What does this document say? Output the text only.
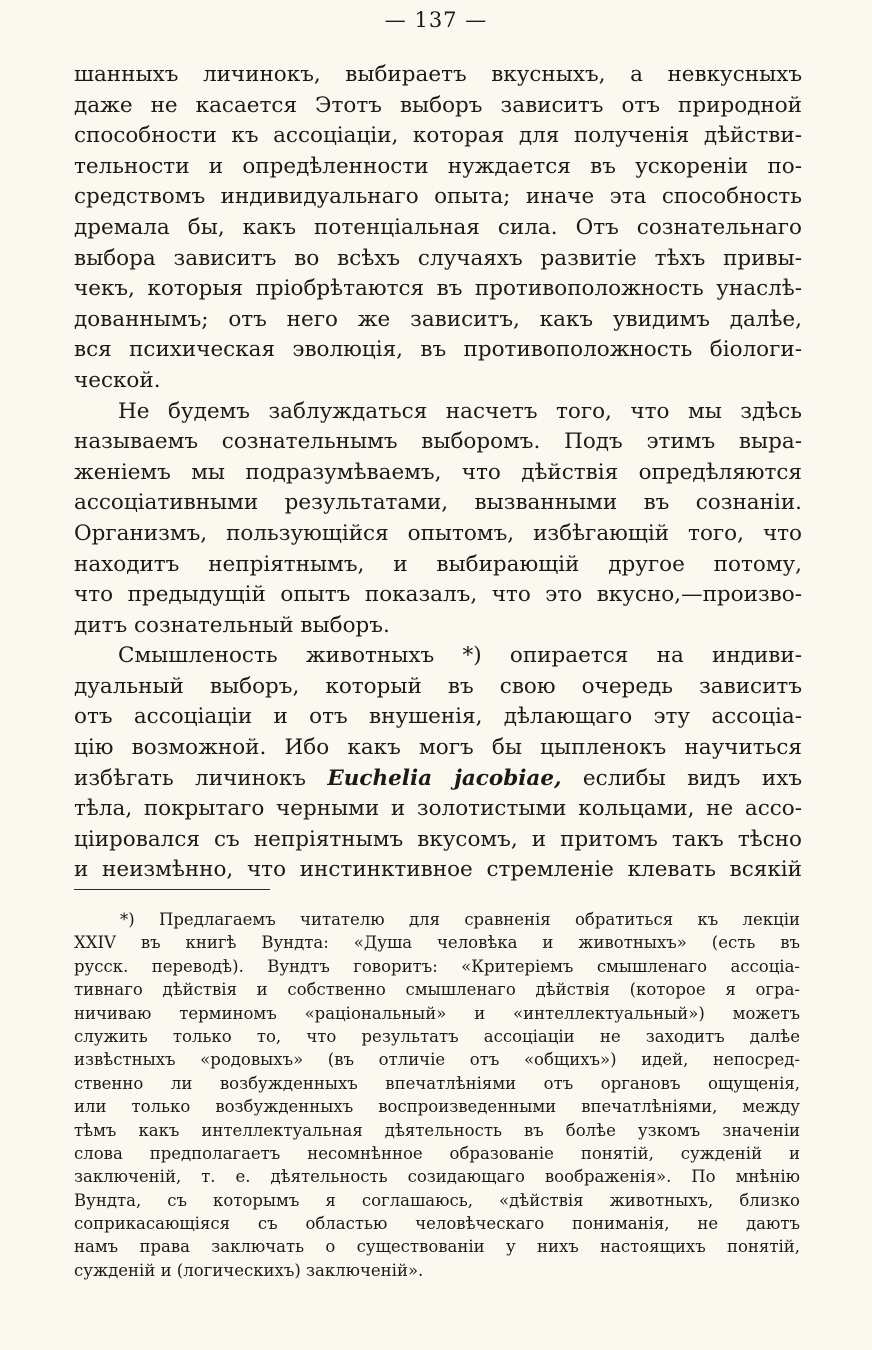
— 137 —
шанныхъ личинокъ, выбираетъ вкусныхъ, а невкусныхъ
даже не касается Этотъ выборъ зависитъ отъ природной
способности къ ассоціаціи, которая для полученія дѣйстви-
тельности и опредѣленности нуждается въ ускореніи по-
средствомъ индивидуальнаго опыта; иначе эта способность
дремала бы, какъ потенціальная сила. Отъ сознательнаго
выбора зависитъ во всѣхъ случаяхъ развитіе тѣхъ привы-
чекъ, которыя пріобрѣтаются въ противоположность унаслѣ-
дованнымъ; отъ него же зависитъ, какъ увидимъ далѣе,
вся психическая эволюція, въ противоположность біологи-
ческой.
Не будемъ заблуждаться насчетъ того, что мы здѣсь
называемъ сознательнымъ выборомъ. Подъ этимъ выра-
женіемъ мы подразумѣваемъ, что дѣйствія опредѣляются
ассоціативными результатами, вызванными въ сознаніи.
Организмъ, пользующійся опытомъ, избѣгающій того, что
находитъ непріятнымъ, и выбирающій другое потому,
что предыдущій опытъ показалъ, что это вкусно,—произво-
дитъ сознательный выборъ.
Смышленость животныхъ *) опирается на индиви-
дуальный выборъ, который въ свою очередь зависитъ
отъ ассоціаціи и отъ внушенія, дѣлающаго эту ассоціа-
цію возможной. Ибо какъ могъ бы цыпленокъ научиться
избѣгать личинокъ Euchelia jacobiae, еслибы видъ ихъ
тѣла, покрытаго черными и золотистыми кольцами, не ассо-
ціировался съ непріятнымъ вкусомъ, и притомъ такъ тѣсно
и неизмѣнно, что инстинктивное стремленіе клевать всякій
*) Предлагаемъ читателю для сравненія обратиться къ лекціи
XXIV въ книгѣ Вундта: «Душа человѣка и животныхъ» (есть въ
русск. переводѣ). Вундтъ говоритъ: «Критеріемъ смышленаго ассоціа-
тивнаго дѣйствія и собственно смышленаго дѣйствія (которое я огра-
ничиваю терминомъ «раціональный» и «интеллектуальный») можетъ
служить только то, что результатъ ассоціаціи не заходитъ далѣе
извѣстныхъ «родовыхъ» (въ отличіе отъ «общихъ») идей, непосред-
ственно ли возбужденныхъ впечатлѣніями отъ органовъ ощущенія,
или только возбужденныхъ воспроизведенными впечатлѣніями, между
тѣмъ какъ интеллектуальная дѣятельность въ болѣе узкомъ значеніи
слова предполагаетъ несомнѣнное образованіе понятій, сужденій и
заключеній, т. е. дѣятельность созидающаго воображенія». По мнѣнію
Вундта, съ которымъ я соглашаюсь, «дѣйствія животныхъ, близко
соприкасающіяся съ областью человѣческаго пониманія, не даютъ
намъ права заключать о существованіи у нихъ настоящихъ понятій,
сужденій и (логическихъ) заключеній».
